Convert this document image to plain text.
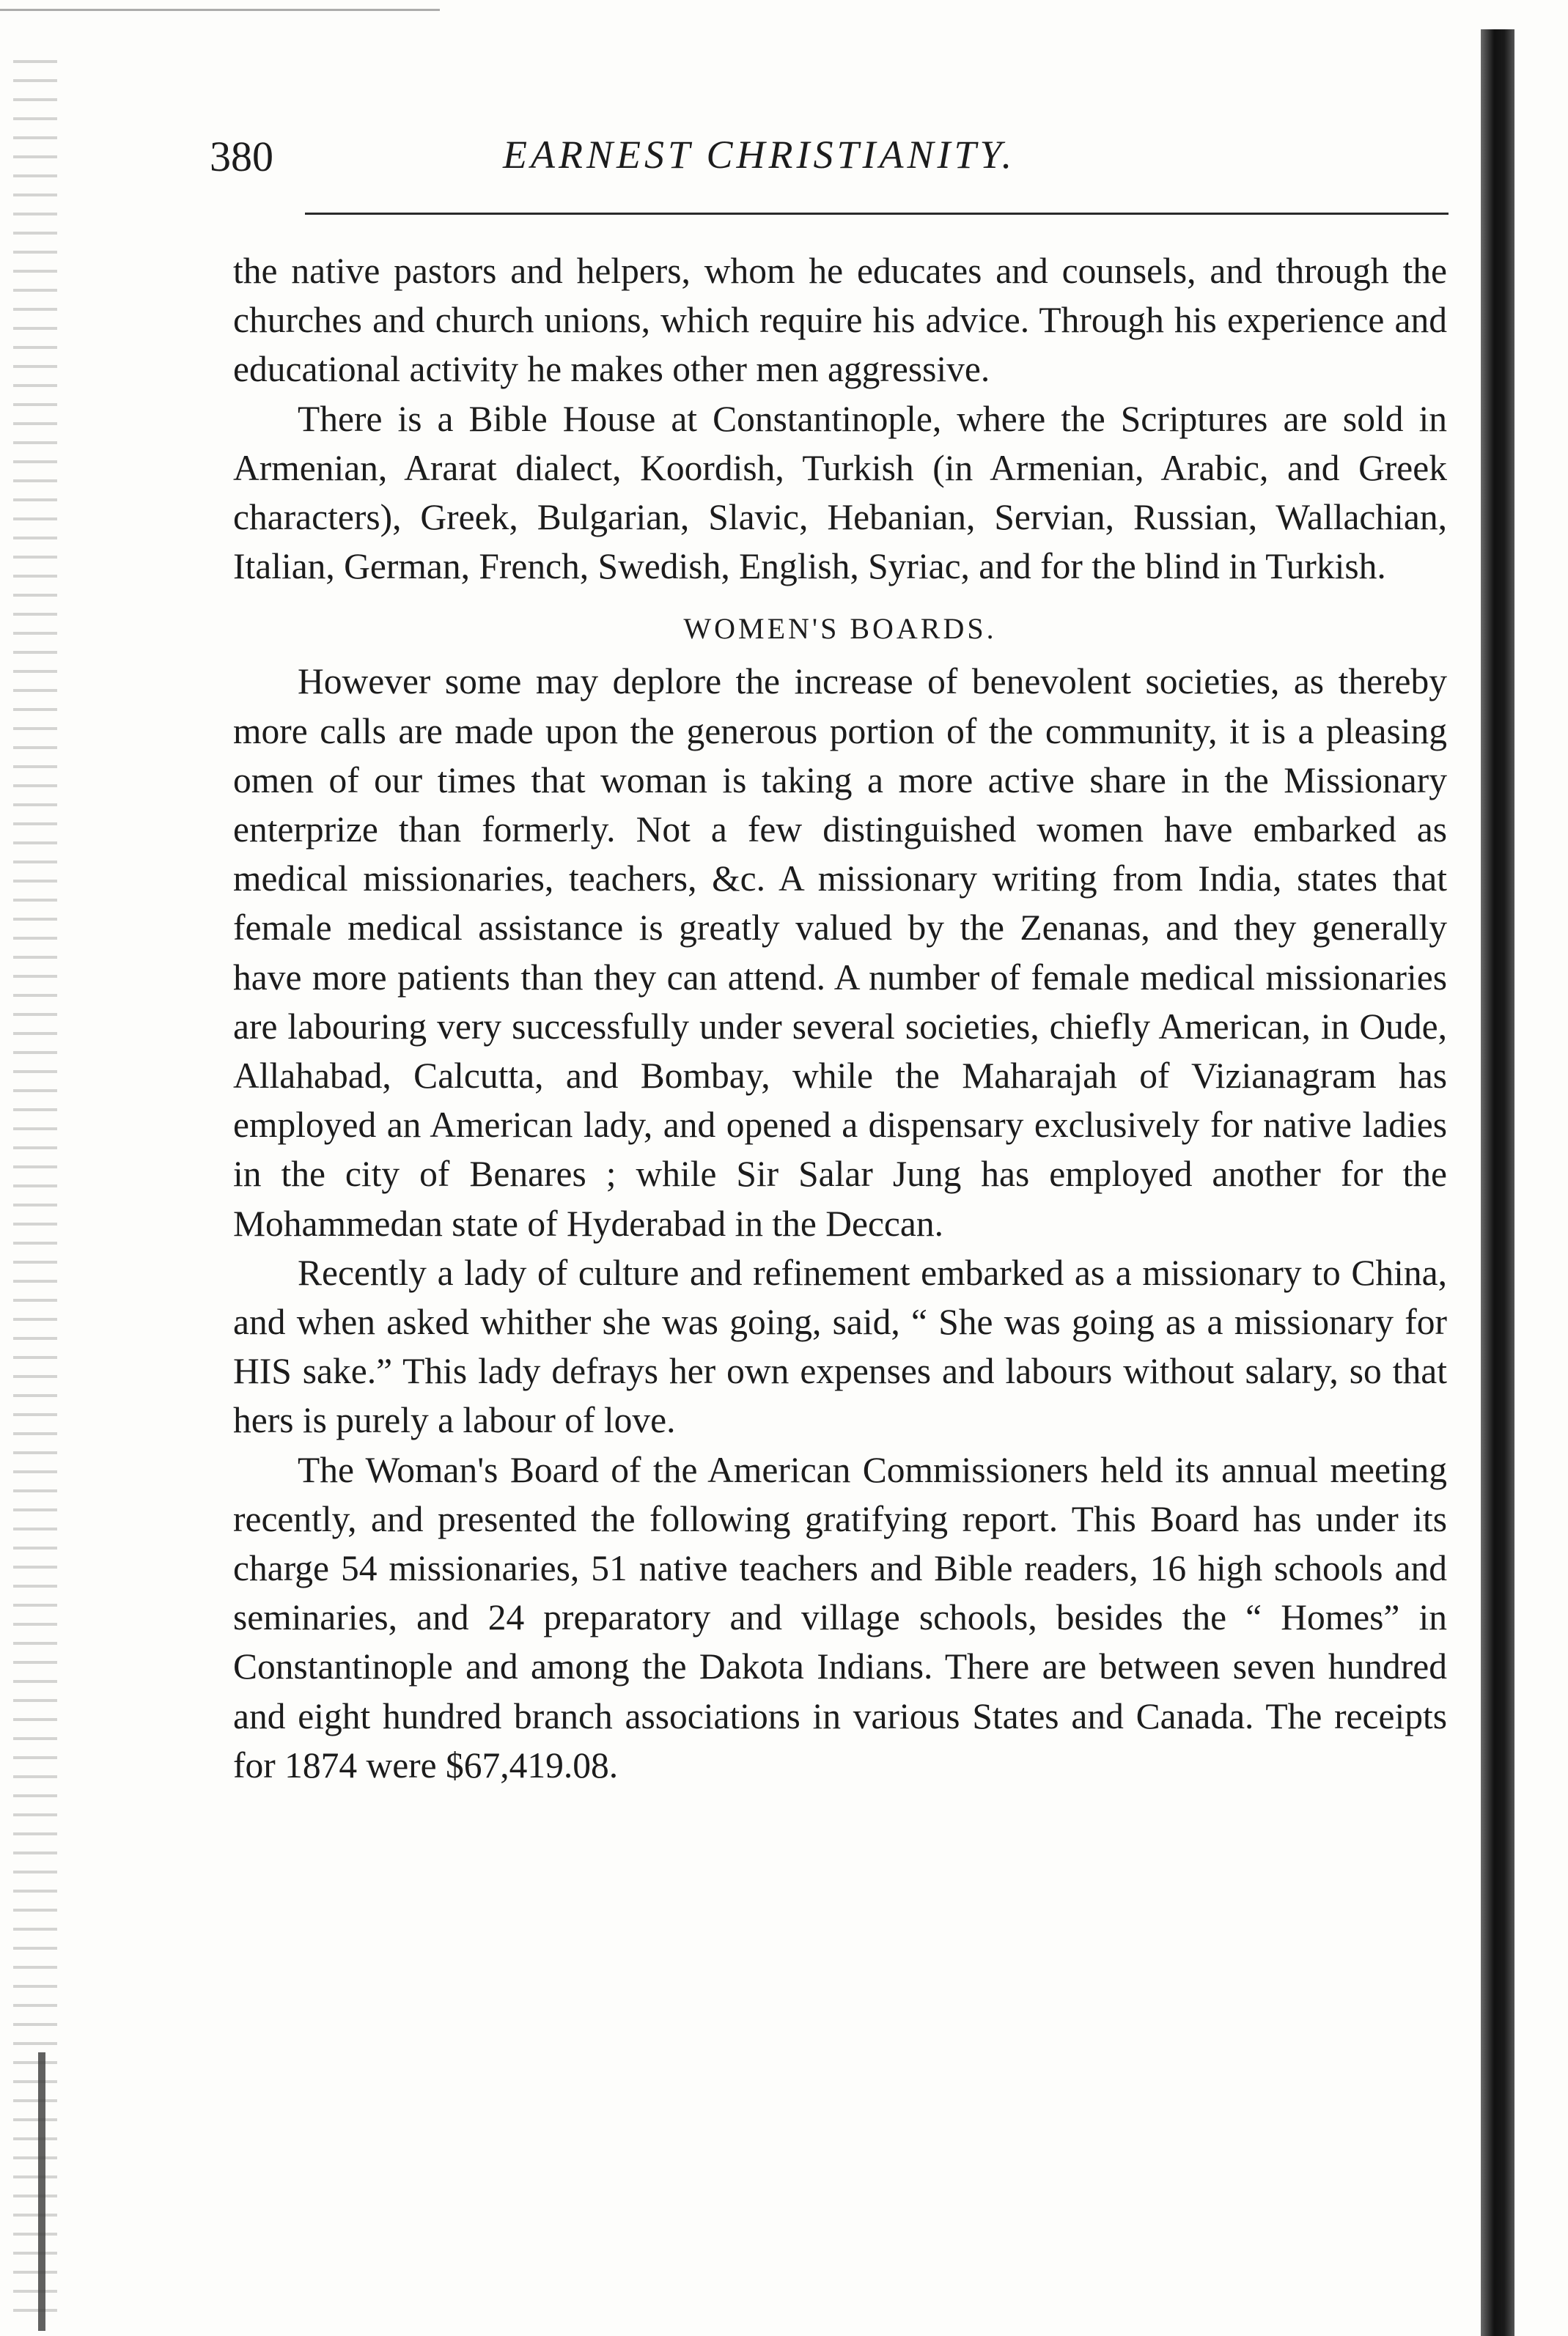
380	EARNEST CHRISTIANITY.

the native pastors and helpers, whom he educates and counsels, and through the churches and church unions, which require his advice. Through his experience and educational activity he makes other men aggressive.

There is a Bible House at Constantinople, where the Scriptures are sold in Armenian, Ararat dialect, Koordish, Turkish (in Armenian, Arabic, and Greek characters), Greek, Bulgarian, Slavic, Hebanian, Servian, Russian, Wallachian, Italian, German, French, Swedish, English, Syriac, and for the blind in Turkish.

WOMEN'S BOARDS.

However some may deplore the increase of benevolent societies, as thereby more calls are made upon the generous portion of the community, it is a pleasing omen of our times that woman is taking a more active share in the Missionary enterprize than formerly. Not a few distinguished women have embarked as medical missionaries, teachers, &c. A missionary writing from India, states that female medical assistance is greatly valued by the Zenanas, and they generally have more patients than they can attend. A number of female medical missionaries are labouring very successfully under several societies, chiefly American, in Oude, Allahabad, Calcutta, and Bombay, while the Maharajah of Vizianagram has employed an American lady, and opened a dispensary exclusively for native ladies in the city of Benares ; while Sir Salar Jung has employed another for the Mohammedan state of Hyderabad in the Deccan.

Recently a lady of culture and refinement embarked as a missionary to China, and when asked whither she was going, said, “ She was going as a missionary for HIS sake.” This lady defrays her own expenses and labours without salary, so that hers is purely a labour of love.

The Woman's Board of the American Commissioners held its annual meeting recently, and presented the following gratifying report. This Board has under its charge 54 missionaries, 51 native teachers and Bible readers, 16 high schools and seminaries, and 24 preparatory and village schools, besides the “ Homes” in Constantinople and among the Dakota Indians. There are between seven hundred and eight hundred branch associations in various States and Canada. The receipts for 1874 were $67,419.08.
